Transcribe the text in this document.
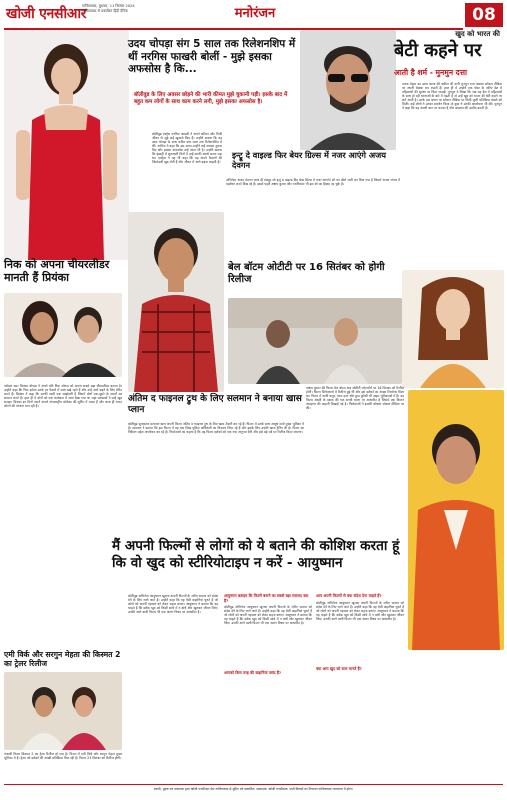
खोजी एनसीआर
गाजियाबाद, बुधवार, 11 सितंबर 2024
गाजियाबाद से प्रकाशित हिंदी दैनिक	मनोरंजन	08
उदय चोपड़ा संग 5 साल तक रिलेशनशिप में थीं नरगिस फाखरी बोलीं - मुझे इसका अफसोस है कि...
बॉलीवुड के लिए अवसर छोड़ने की भारी कीमत मुझे चुकानी पड़ी। इसके बाद में बहुत कम लोगों के साथ काम करने लगी, मुझे इसका अफसोस है।
बॉलीवुड एक्ट्रेस नरगिस फाखरी ने अपने करियर और निजी जीवन से जुड़े कई खुलासे किए हैं। उन्होंने बताया कि वह उदय चोपड़ा के साथ करीब पांच साल तक रिलेशनशिप में थीं। नरगिस ने कहा कि उस समय उन्होंने कई अवसर ठुकरा दिए और इसका अफसोस उन्हें आज भी है। उन्होंने बताया कि इंडस्ट्री में शुरुआती दिनों में उन्हें काफी संघर्ष करना पड़ा था। एक्ट्रेस ने यह भी कहा कि वह अपने फैसलों की जिम्मेदारी खुद लेती हैं और जीवन में आगे बढ़ना चाहती हैं।
इन्ट्रू दे वाइल्ड फिर बेयर ग्रिल्स में नजर आएंगे अजय देवगन
अभिनेता अजय देवगन जल्द ही मशहूर शो इन्टू द वाइल्ड विद बेयर ग्रिल्स में नजर आएंगे। शो का प्रोमो जारी कर दिया गया है जिसमें अजय जंगल में एडवेंचर करते दिख रहे हैं। इससे पहले अक्षय कुमार और रजनीकांत भी इस शो का हिस्सा रह चुके हैं।
खुद को भारत की
बेटी कहने पर
आती है शर्म - मुनमुन दत्ता
तारक मेहता का उल्टा चश्मा की बबीता जी यानी मुनमुन दत्ता अक्सर सोशल मीडिया पर अपनी बेबाक राय रखती हैं। हाल ही में उन्होंने एक पोस्ट के जरिए देश में महिलाओं की सुरक्षा पर चिंता जताई। मुनमुन ने लिखा कि जब वह देश में महिलाओं के साथ हो रही घटनाओं के बारे में पढ़ती हैं तो उन्हें खुद को भारत की बेटी कहने पर शर्म आती है। उनके इस बयान पर सोशल मीडिया पर मिली-जुली प्रतिक्रिया देखने को मिली। कई लोगों ने उनका समर्थन किया तो कुछ ने उनकी आलोचना भी की। मुनमुन ने कहा कि वह अपनी बात पर कायम हैं और बदलाव की उम्मीद करती हैं।
निक को अपना चीयरलीडर मानती हैं प्रियंका
ग्लोबल स्टार प्रियंका चोपड़ा ने अपने पति निक जोनस को अपना सबसे बड़ा चीयरलीडर बताया है। उन्होंने कहा कि निक हमेशा उनके हर फैसले में साथ खड़े रहते हैं और उन्हें आगे बढ़ने के लिए प्रेरित करते हैं। प्रियंका ने कहा कि उनकी शादी एक साझेदारी है जिसमें दोनों एक-दूसरे के सपनों का सम्मान करते हैं। हाल ही में दोनों को एक कार्यक्रम में साथ देखा गया था जहां प्रशंसकों ने उन्हें खूब सराहा। प्रियंका इन दिनों अपने अगले अंतरराष्ट्रीय प्रोजेक्ट की शूटिंग में व्यस्त हैं और जल्द ही भारत लौटने की योजना बना रही हैं।
अंतिम द फाइनल ट्रुथ के लिए सलमान ने बनाया खास प्लान
बॉलीवुड सुपरस्टार सलमान खान अपनी फिल्म अंतिम द फाइनल ट्रुथ के लिए खास तैयारी कर रहे हैं। फिल्म में उनके साथ आयुष शर्मा मुख्य भूमिका में हैं। सलमान ने बताया कि इस फिल्म में वह एक सिख पुलिस अधिकारी का किरदार निभा रहे हैं और इसके लिए उन्होंने खास ट्रेनिंग ली है। फिल्म का निर्देशन महेश मांजरेकर कर रहे हैं। निर्माताओं का कहना है कि यह फिल्म दर्शकों को एक नया अनुभव देगी और इसे बड़े पर्दे पर रिलीज किया जाएगा।
बेल बॉटम ओटीटी पर 16 सितंबर को होगी रिलीज
अक्षय कुमार की फिल्म बेल बॉटम अब ओटीटी प्लेटफॉर्म पर 16 सितंबर को रिलीज होगी। फिल्म सिनेमाघरों में रिलीज हुई थी और इसे दर्शकों का अच्छा रिस्पॉन्स मिला था। फिल्म में वाणी कपूर, लारा दत्ता और हुमा कुरैशी भी अहम भूमिकाओं में हैं। यह फिल्म अस्सी के दशक की एक सच्ची घटना पर आधारित है जिसमें एक विमान अपहरण की कहानी दिखाई गई है। निर्माताओं ने इसकी घोषणा सोशल मीडिया पर की।
मैं अपनी फिल्मों से लोगों को ये बताने की कोशिश करता हूं कि वो खुद को स्टीरियोटाइप न करें - आयुष्मान
बॉलीवुड अभिनेता आयुष्मान खुराना अपनी फिल्मों के जरिए समाज को संदेश देने के लिए जाने जाते हैं। उन्होंने कहा कि वह ऐसी कहानियां चुनते हैं जो लोगों को अपनी पहचान को लेकर सहज बनाएं। आयुष्मान ने बताया कि वह चाहते हैं कि दर्शक खुद को किसी सांचे में न बांधें और खुलकर जीवन जिएं। उनकी आने वाली फिल्म भी एक अलग विषय पर आधारित है।
आयुष्मान बताइए कि फिल्में बनाने का सबसे बड़ा मकसद क्या है?
बॉलीवुड अभिनेता आयुष्मान खुराना अपनी फिल्मों के जरिए समाज को संदेश देने के लिए जाने जाते हैं। उन्होंने कहा कि वह ऐसी कहानियां चुनते हैं जो लोगों को अपनी पहचान को लेकर सहज बनाएं। आयुष्मान ने बताया कि वह चाहते हैं कि दर्शक खुद को किसी सांचे में न बांधें और खुलकर जीवन जिएं। उनकी आने वाली फिल्म भी एक अलग विषय पर आधारित है।
आपको किस तरह की कहानियां पसंद हैं?
आप अपनी फिल्मों से क्या संदेश देना चाहते हैं?
बॉलीवुड अभिनेता आयुष्मान खुराना अपनी फिल्मों के जरिए समाज को संदेश देने के लिए जाने जाते हैं। उन्होंने कहा कि वह ऐसी कहानियां चुनते हैं जो लोगों को अपनी पहचान को लेकर सहज बनाएं। आयुष्मान ने बताया कि वह चाहते हैं कि दर्शक खुद को किसी सांचे में न बांधें और खुलकर जीवन जिएं। उनकी आने वाली फिल्म भी एक अलग विषय पर आधारित है।
क्या आप खुद को स्टार मानते हैं?
एमी विर्क और सरगुन मेहता की किस्मत 2 का ट्रेलर रिलीज
पंजाबी फिल्म किस्मत 2 का ट्रेलर रिलीज हो गया है। फिल्म में एमी विर्क और सरगुन मेहता मुख्य भूमिका में हैं। ट्रेलर को दर्शकों की अच्छी प्रतिक्रिया मिल रही है। फिल्म 23 सितंबर को रिलीज होगी।
स्वामी, मुद्रक एवं प्रकाशक द्वारा खोजी एनसीआर प्रेस गाजियाबाद से मुद्रित एवं प्रकाशित। सम्पादक: खोजी एनसीआर। सभी विवादों का निपटारा गाजियाबाद न्यायालय में होगा।
